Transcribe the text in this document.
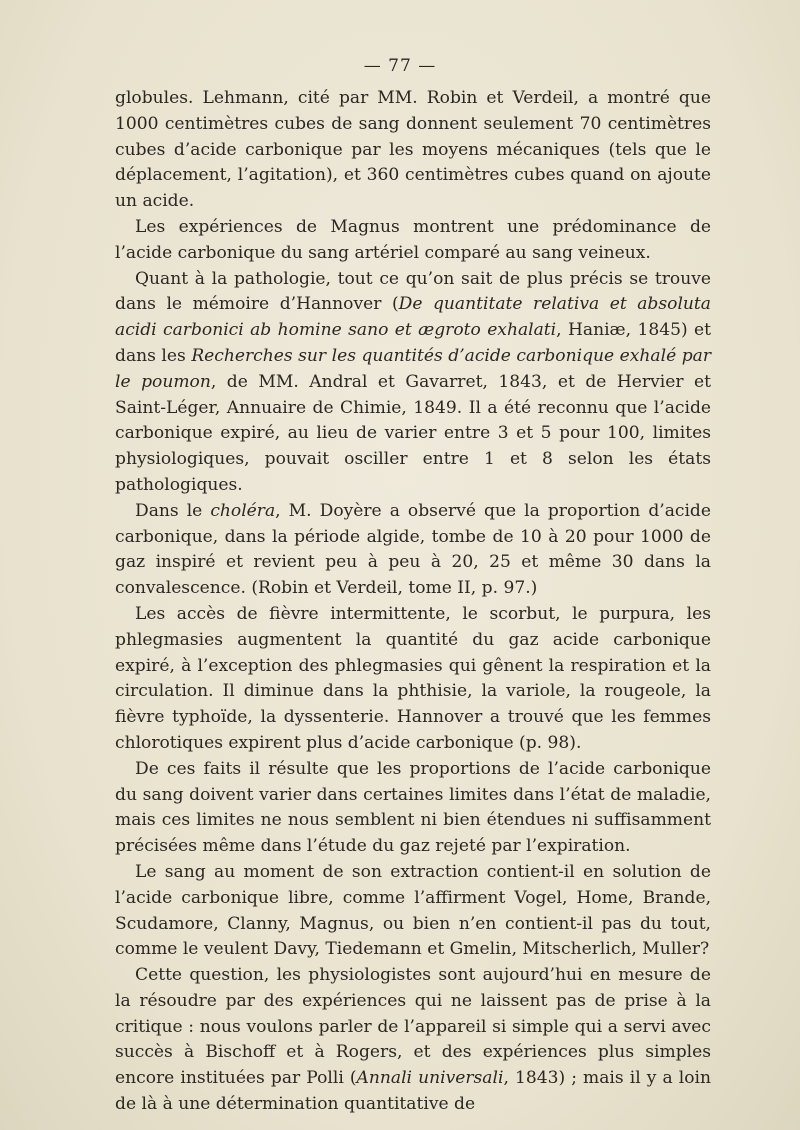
— 77 —

globules. Lehmann, cité par MM. Robin et Verdeil, a montré que 1000 centimètres cubes de sang donnent seulement 70 centimètres cubes d’acide carbonique par les moyens mécaniques (tels que le déplacement, l’agitation), et 360 centimètres cubes quand on ajoute un acide.

Les expériences de Magnus montrent une prédominance de l’acide carbonique du sang artériel comparé au sang veineux.

Quant à la pathologie, tout ce qu’on sait de plus précis se trouve dans le mémoire d’Hannover (De quantitate relativa et absoluta acidi carbonici ab homine sano et ægroto exhalati, Haniæ, 1845) et dans les Recherches sur les quantités d’acide carbonique exhalé par le poumon, de MM. Andral et Gavarret, 1843, et de Hervier et Saint-Léger, Annuaire de Chimie, 1849. Il a été reconnu que l’acide carbonique expiré, au lieu de varier entre 3 et 5 pour 100, limites physiologiques, pouvait osciller entre 1 et 8 selon les états pathologiques.

Dans le choléra, M. Doyère a observé que la proportion d’acide carbonique, dans la période algide, tombe de 10 à 20 pour 1000 de gaz inspiré et revient peu à peu à 20, 25 et même 30 dans la convalescence. (Robin et Verdeil, tome II, p. 97.)

Les accès de fièvre intermittente, le scorbut, le purpura, les phlegmasies augmentent la quantité du gaz acide carbonique expiré, à l’exception des phlegmasies qui gênent la respiration et la circulation. Il diminue dans la phthisie, la variole, la rougeole, la fièvre typhoïde, la dyssenterie. Hannover a trouvé que les femmes chlorotiques expirent plus d’acide carbonique (p. 98).

De ces faits il résulte que les proportions de l’acide carbonique du sang doivent varier dans certaines limites dans l’état de maladie, mais ces limites ne nous semblent ni bien étendues ni suffisamment précisées même dans l’étude du gaz rejeté par l’expiration.

Le sang au moment de son extraction contient-il en solution de l’acide carbonique libre, comme l’affirment Vogel, Home, Brande, Scudamore, Clanny, Magnus, ou bien n’en contient-il pas du tout, comme le veulent Davy, Tiedemann et Gmelin, Mitscherlich, Muller?

Cette question, les physiologistes sont aujourd’hui en mesure de la résoudre par des expériences qui ne laissent pas de prise à la critique : nous voulons parler de l’appareil si simple qui a servi avec succès à Bischoff et à Rogers, et des expériences plus simples encore instituées par Polli (Annali universali, 1843) ; mais il y a loin de là à une détermination quantitative de
